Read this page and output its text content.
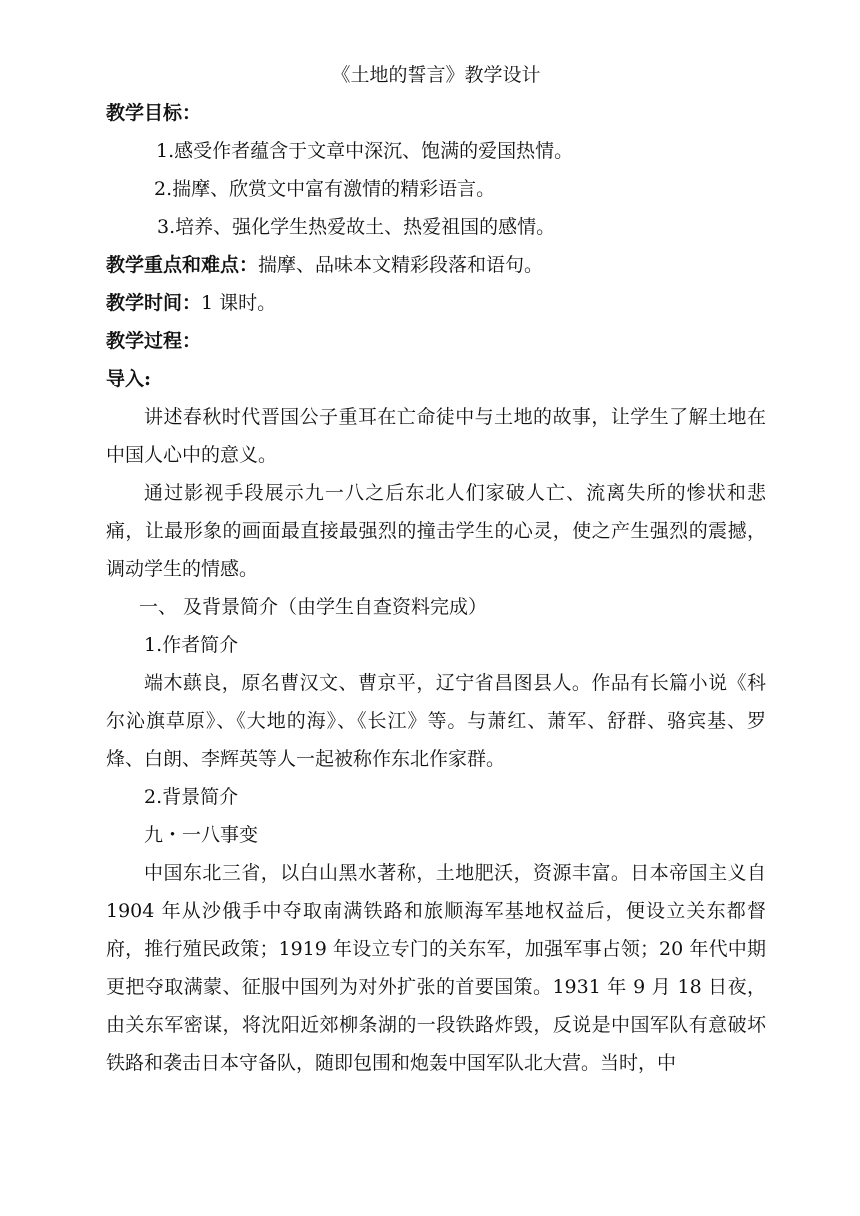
《土地的誓言》教学设计

教学目标：

1.感受作者蕴含于文章中深沉、饱满的爱国热情。

2.揣摩、欣赏文中富有激情的精彩语言。

3.培养、强化学生热爱故土、热爱祖国的感情。

教学重点和难点：揣摩、品味本文精彩段落和语句。

教学时间：1 课时。

教学过程：

导入:

讲述春秋时代晋国公子重耳在亡命徒中与土地的故事，让学生了解土地在中国人心中的意义。

通过影视手段展示九一八之后东北人们家破人亡、流离失所的惨状和悲痛，让最形象的画面最直接最强烈的撞击学生的心灵，使之产生强烈的震撼，调动学生的情感。

一、 及背景简介（由学生自查资料完成）

1.作者简介

端木蕻良，原名曹汉文、曹京平，辽宁省昌图县人。作品有长篇小说《科尔沁旗草原》、《大地的海》、《长江》等。与萧红、萧军、舒群、骆宾基、罗烽、白朗、李辉英等人一起被称作东北作家群。

2.背景简介

九・一八事变

中国东北三省，以白山黑水著称，土地肥沃，资源丰富。日本帝国主义自 1904 年从沙俄手中夺取南满铁路和旅顺海军基地权益后，便设立关东都督府，推行殖民政策；1919 年设立专门的关东军，加强军事占领；20 年代中期更把夺取满蒙、征服中国列为对外扩张的首要国策。1931 年 9 月 18 日夜，由关东军密谋，将沈阳近郊柳条湖的一段铁路炸毁，反说是中国军队有意破坏铁路和袭击日本守备队，随即包围和炮轰中国军队北大营。当时，中
